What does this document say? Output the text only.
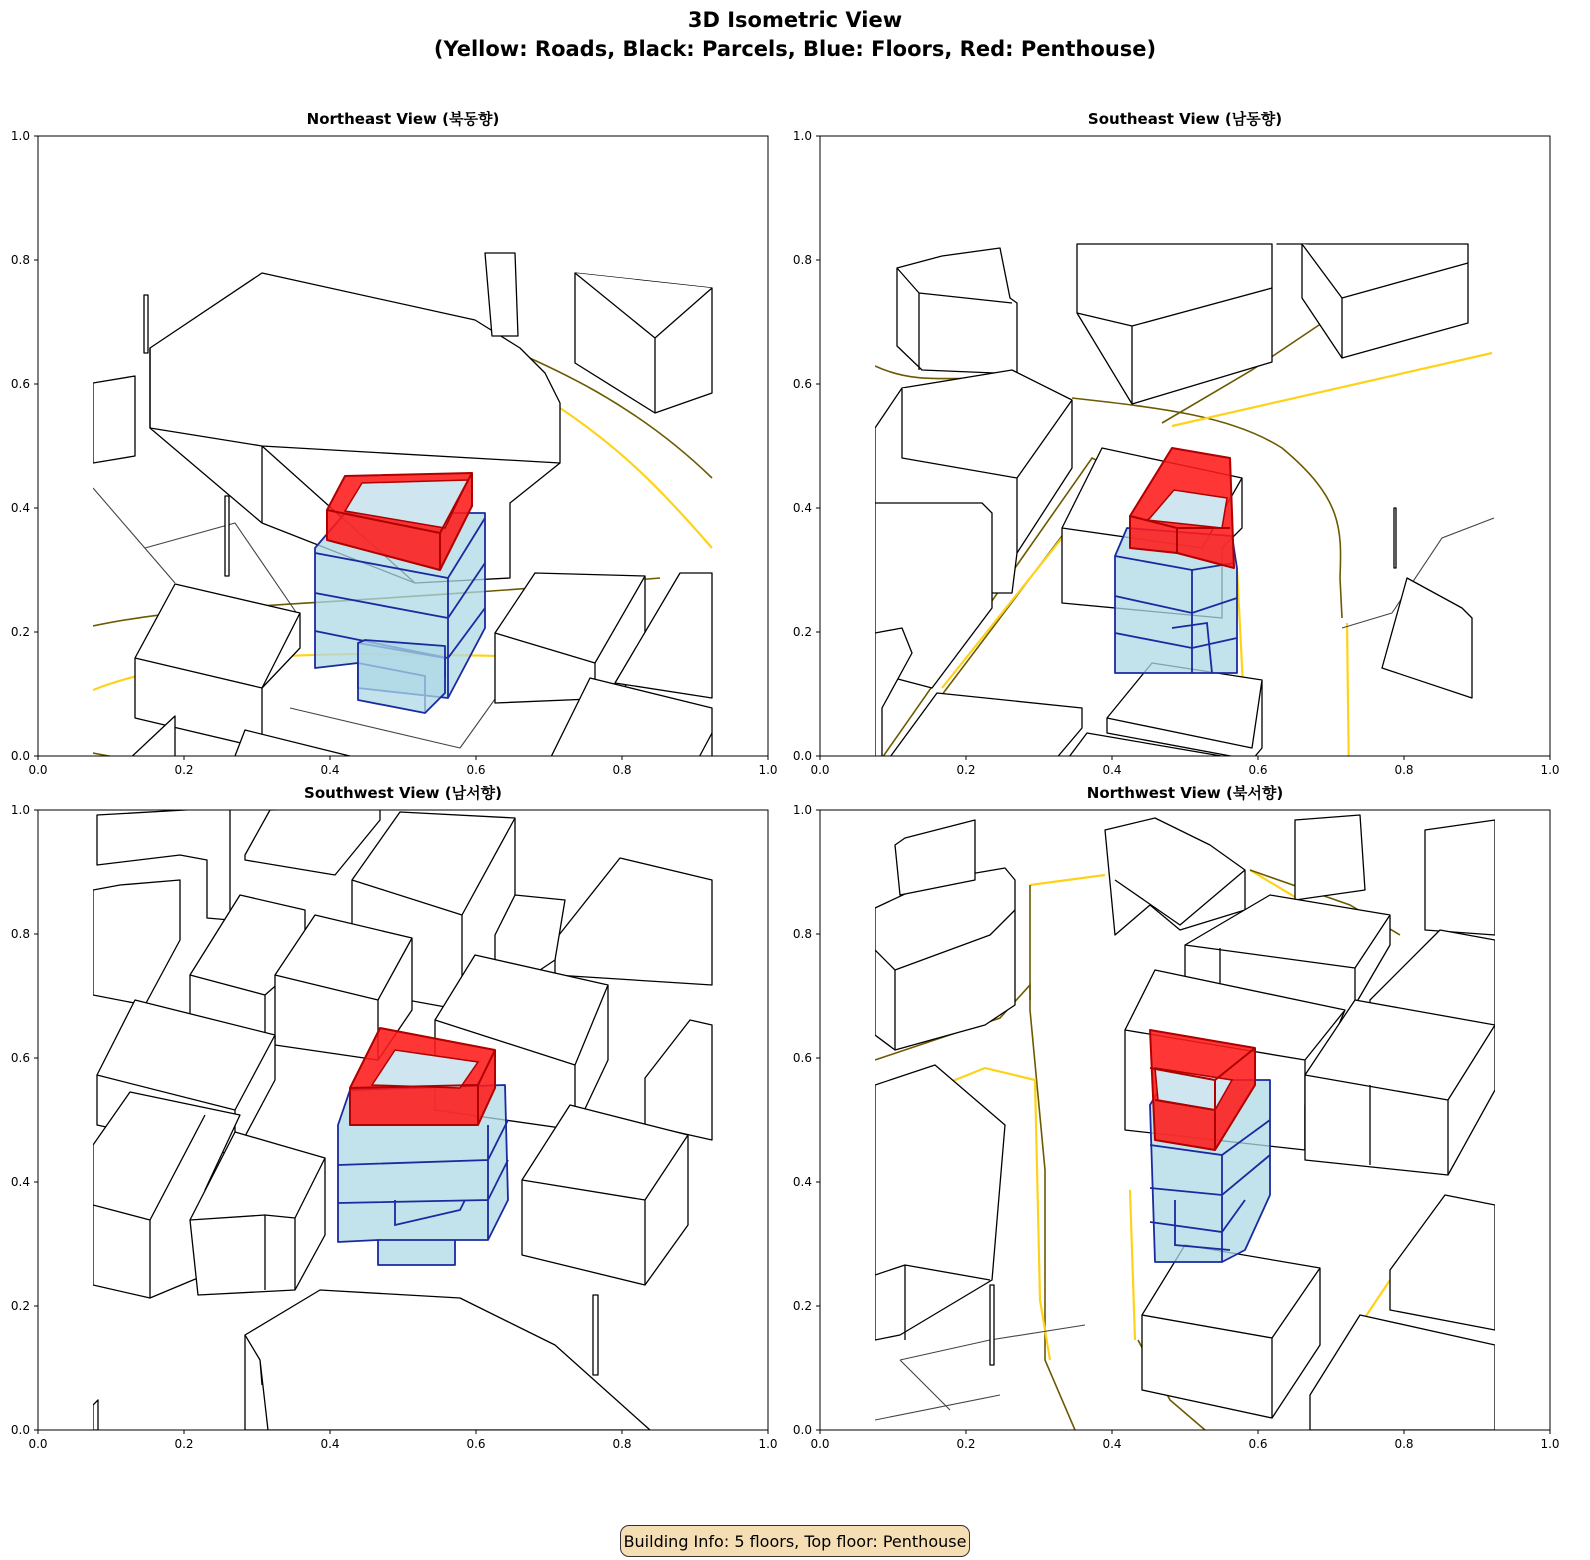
3D Isometric View
(Yellow: Roads, Black: Parcels, Blue: Floors, Red: Penthouse)
Northeast View (북동향)
0.0
0.0
0.2
0.2
0.4
0.4
0.6
0.6
0.8
0.8
1.0
1.0
Southeast View (남동향)
0.0
0.0
0.2
0.2
0.4
0.4
0.6
0.6
0.8
0.8
1.0
1.0
Southwest View (남서향)
0.0
0.0
0.2
0.2
0.4
0.4
0.6
0.6
0.8
0.8
1.0
1.0
Northwest View (북서향)
0.0
0.0
0.2
0.2
0.4
0.4
0.6
0.6
0.8
0.8
1.0
1.0
Building Info: 5 floors, Top floor: Penthouse
